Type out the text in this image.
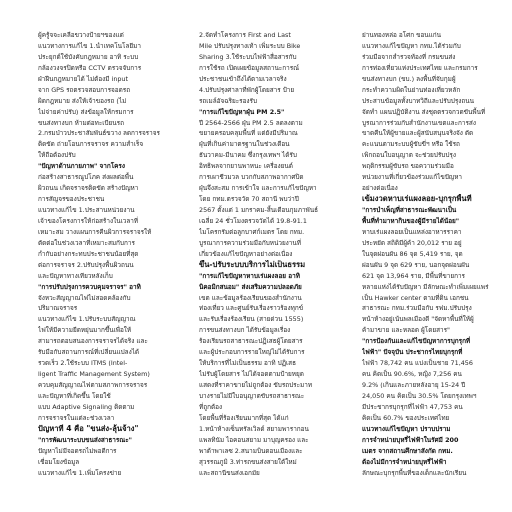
ผู้ครู้จจะเคลือขวางป้ายฯของแต่

แนวทางการแก้ไข 1.นำเทคโนโลยีมา

ประยุกต์ใช้บังคับกฎหมาย อาทิ ระบบ

กล้องวงจรปิดหรือ CCTV ตรวจจับการ

ฝ่าฝืนกฎหมายได้ ไม่ต้องมี input

จาก GPS รถตรวจสอบการจอดรถ

ผิดกฎหมาย ส่งให้เจ้าของรถ (ไม่

ไม่จ่ายค่าปรับ) ส่งข้อมูลให้กรมการ

ขนส่งทางบก ห้ามต่อทะเบียนรถ

2.กรมป่าวประชาสัมพันธ์ขวาง ลดการจราจร

ติดขัด ถ่ายโอนการจราจร ความสำเร็จ

ให้ถือต้องปรับ

"ปัญหาด้านกายภาพ" จากโครง

ก่อสร้างสาธารณูปโภค ส่งผลต่อพื้น

ผิวถนน เกิดจราจรติดขัด สร้างปัญหา

การสัญจรของประชาชน

แนวทางแก้ไข 1.ประสานหน่วยงาน

เจ้าของโครงการให้ก่อสร้างในเวลาที่

เหมาะสม วางแผนการคืนผิวการจราจรให้

ตัดต่อในช่วงเวลาที่เหมาะสมกับการ

กำกับอย่างกระทบประชาชนน้อยที่สุด

ต่อการจราจร 2.ปรับปรุงพื้นผิวถนน

และปัญหาทางเทียวหลังเก็บ

"การปรับปรุงการควบคุมจราจร" อาทิ

จังหวะสัญญาณไฟไม่สอดคล้องกับ

ปริมาณจราจร

แนวทางแก้ไข 1.ปรับระบบสัญญาณ

ไฟให้มีความยืดหยุ่นมากขึ้นเพื่อให้

สามารถตอบสนองการจราจรได้จริง และ

รับมือกับสถานการณ์ที่เปลี่ยนแปลงได้

รวดเร็ว 2.ใช้ระบบ ITMS (Intel-

ligent Traffic Management System)

ควบคุมสัญญาณไฟตามสภาพการจราจร

และปัญหาที่เกิดขึ้น โดยใช้

แบบ Adaptive Signaling ติดตาม

การจราจรในแต่ละช่วงเวลา

ปัญหาที่ 4 คือ "ขนส่ง-ลุ้นจ้าง"

"การพัฒนาระบบขนส่งสาธารณะ"

ปัญหาไม่มีจอดรถไม่พอดีการ

เชื่อมโยงข้อมูล

แนวทางแก้ไข 1.เพิ่มโครงข่าย

2.จัดทำโครงการ First and Last

Mile ปรับปรุงทางเท้า เพิ่มระบบ Bike

Sharing 3.ใช้ระบบไฟฟ้าสื่อสารกับ

การใช้รถ เปิดเผยข้อมูลสถานะการณ์

ประชาชนเข้าถึงได้ตามเวลาจริง

4.ปรับปรุงศาลาที่พักผู้โดยสาร ป้าย

รถเมล์อัจฉริยะรองรับ

"การแก้ไขปัญหาฝุ่น PM 2.5"

ปี 2564-2566 ฝุ่น PM 2.5 ลดลงตาม

ขยายครอบคลุมพื้นที่ แต่ยังมีปริมาณ

ฝุ่นที่เกินค่ามาตรฐานในช่วงเดือน

ธันวาคม-มีนาคม ซึ่งกรุงเทพฯ ได้รับ

อิทธิพลจากยานพาหนะ เครื่องยนต์

การเผาชีวมวล บวกกับสภาพอากาศปิด

ฝุ่นจึงสะสม การเข้าใจ และการแก้ไขปัญหา

โดย กทม.ตรวจวัด 70 สถานี พบว่าปี

2567 ตั้งแต่ 1 มกราคม-สิ้นเดือนกุมภาพันธ์

เฉลี่ย 24 ชั่วโมงตรวจวัดได้ 19.8-91.1

ไมโครกรัมต่อลูกบาศก์เมตร โดย กทม.

บูรณาการความร่วมมือกับหน่วยงานที่

เกี่ยวข้องแก้ไขปัญหาอย่างต่อเนื่อง

ขึ้น-ปรับระบบบริการไม่เป็นธรรม

"การแก้ไขปัญหาหาบเร่แผงลอย อาทิ

นิคอมิกสนอม" ส่งเสริมความปลอดภัย

เขต และข้อมูลร้องเรียนของสำนักงาน

ท่องเที่ยว และศูนย์รับเรื่องราวร้องทุกข์

และรับเรื่องร้องเรียน (สายด่วน 1555)

การขนส่งทางบก ได้รับข้อมูลเรื่อง

ร้องเรียนรถสาธารณะปฏิเสธผู้โดยสาร

และผู้ประกอบการรายใหญ่ไม่ได้รับการ

ให้บริการที่ไม่เป็นธรรม อาทิ ปฏิเสธ

ไม่รับผู้โดยสาร ไม่ได้จอดตามป้ายหยุด

แสดงที่ราคาขายไม่ถูกต้อง ขับรถประมาท

บางรายไม่มีใบอนุญาตขับรถสาธารณะ

ที่ถูกต้อง

โดยพื้นที่ร้องเรียนมากที่สุด ได้แก่

1.หน้าห้างเซ็นทรัลเวิลด์ สยามพารากอน

แพลทินัม ไอคอนสยาม มาบุญครอง และ

พาต้าพาเลซ 2.สนามบินดอนเมืองและ

สุวรรณภูมิ 3.ท่ารถขนส่งสายใต้ใหม่

และสถานีขนส่งเอกมัย

ย่านทองหล่อ อโศก ขอนแก่น

แนวทางแก้ไขปัญหา กทม.ได้ร่วมกับ

ร่วมมือจากสำรวจท้องที่ กรมขนส่ง

การท่องเที่ยวแห่งประเทศไทย และกรมการ

ขนส่งทางบก (ขบ.) ลงพื้นที่จับกุมผู้

กระทำความผิดในย่านท่องเที่ยวหลัก

ประสานข้อมูลทั้งบาทวิถีและปรับปรุงถนน

จัดทำ แผนปฏิบัติงาน ส่งชุดตรวจกวดขันพื้นที่

บูรณาการร่วมกับสำนักงานเขตและการส่ง

ขาดคืนให้ผู้ขายและผู้สนับสนุนจริงจัง ตัด

คะแนนตามระบบผู้ขับขี่ฯ หรือ ใช้รถ

เพิกถอนใบอนุญาต จะช่วยปรับปรุง

พฤติกรรมผู้ขับรถ ขอความร่วมมือ

หน่วยงานที่เกี่ยวข้องร่วมแก้ไขปัญหา

อย่างต่อเนื่อง

เข้มงวดหาบเร่แผงลอย-บุกรุกพื้นที่

"การบำเพ็ญที่สาธารณะพัฒนาเป็น

พื้นที่ทำมาหากินของผู้มีรายได้น้อย"

หาบเร่แผงลอยเป็นแหล่งอาหารราคา

ประหยัด สถิติมีผู้ค้า 20,012 ราย อยู่

ในจุดผ่อนผัน 86 จุด 5,419 ราย, จุด

ผ่อนผัน 9 จุด 629 ราย, นอกจุดผ่อนผัน

621 จุด 13,964 ราย, มีพื้นที่ขายการ

หลายแห่งได้รับปัญหา มีลักษณะทำเพิ่มเผยแพร่

เป็น Hawker center ตามที่ดิน เอกชน

สาธารณะ กทม.ร่วมมือกับ รฟม.ปรับปรุง

หน้าห้างอยู่เน้นพลเมืองดี "จัดหาพื้นที่ให้ผู้

ค้ามาขาย และหลอด ผู้โดยสาร"

"การป้องกันและแก้ไขปัญหาการบุกรุกที่

ไฟฟ้า" ปัจจุบัน ประชากรไทยบุกรุกที่

ไฟฟ้า 78,742 คน แบ่งเป็นชาย 71,456

คน คิดเป็น 90.6%, หญิง 7,256 คน

9.2% (เกินและภายหลังอายุ 15-24 ปี

24,050 คน คิดเป็น 30.5% โดยกรุงเทพฯ

มีประชากรบุกรุกที่ไฟฟ้า 47,753 คน

คิดเป็น 60.7% ของประเทศไทย

แนวทางแก้ไขปัญหา ปราบปราม

การจำหน่ายบุหรี่ไฟฟ้าในรัศมี 200

เมตร จากสถานศึกษาสังกัด กทม.

ต้องไม่มีการจำหน่ายบุหรี่ไฟฟ้า

ลักษณะบุกรุกพื้นที่ของเด็กและนักเรียน
